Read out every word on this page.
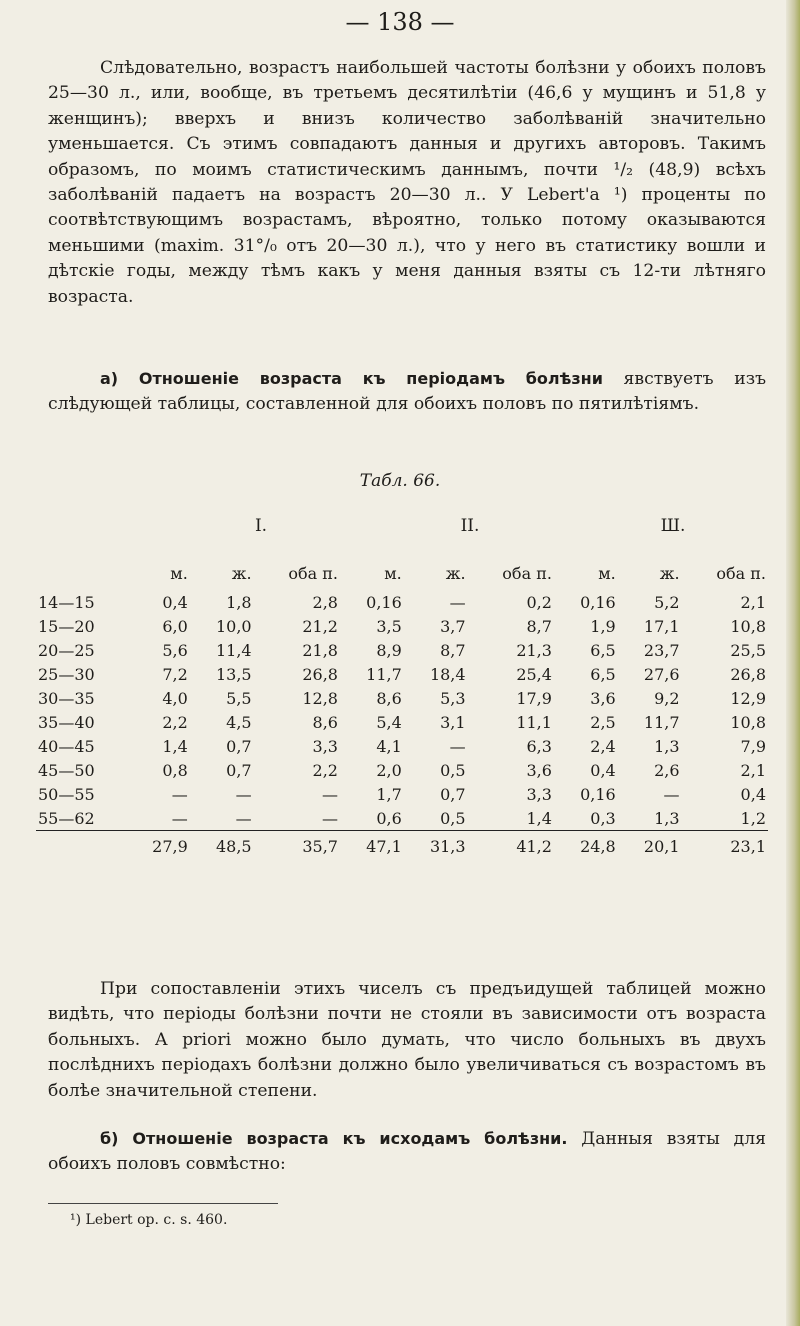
— 138 —

Слѣдовательно, возрастъ наибольшей частоты болѣзни у обоихъ половъ 25—30 л., или, вообще, въ третьемъ десятилѣтіи (46,6 у мущинъ и 51,8 у женщинъ); вверхъ и внизъ количество заболѣваній значительно уменьшается. Съ этимъ совпадаютъ данныя и другихъ авторовъ. Такимъ образомъ, по моимъ статистическимъ даннымъ, почти ¹/₂ (48,9) всѣхъ заболѣваній падаетъ на возрастъ 20—30 л.. У Lebert'а ¹) проценты по соотвѣтствующимъ возрастамъ, вѣроятно, только потому оказываются меньшими (maxim. 31°/₀ отъ 20—30 л.), что у него въ статистику вошли и дѣтскіе годы, между тѣмъ какъ у меня данныя взяты съ 12-ти лѣтняго возраста.

a) Отношеніе возраста къ періодамъ болѣзни явствуетъ изъ слѣдующей таблицы, составленной для обоихъ половъ по пятилѣтіямъ.

Табл. 66.
I.	II.	Ш.
	м.	ж.	оба п.	м.	ж.	оба п.	м.	ж.	оба п.
14—15	0,4	1,8	2,8	0,16	—	0,2	0,16	5,2	2,1
15—20	6,0	10,0	21,2	3,5	3,7	8,7	1,9	17,1	10,8
20—25	5,6	11,4	21,8	8,9	8,7	21,3	6,5	23,7	25,5
25—30	7,2	13,5	26,8	11,7	18,4	25,4	6,5	27,6	26,8
30—35	4,0	5,5	12,8	8,6	5,3	17,9	3,6	9,2	12,9
35—40	2,2	4,5	8,6	5,4	3,1	11,1	2,5	11,7	10,8
40—45	1,4	0,7	3,3	4,1	—	6,3	2,4	1,3	7,9
45—50	0,8	0,7	2,2	2,0	0,5	3,6	0,4	2,6	2,1
50—55	—	—	—	1,7	0,7	3,3	0,16	—	0,4
55—62	—	—	—	0,6	0,5	1,4	0,3	1,3	1,2
	27,9	48,5	35,7	47,1	31,3	41,2	24,8	20,1	23,1

При сопоставленіи этихъ чиселъ съ предъидущей таблицей можно видѣть, что періоды болѣзни почти не стояли въ зависимости отъ возраста больныхъ. А priori можно было думать, что число больныхъ въ двухъ послѣднихъ періодахъ болѣзни должно было увеличиваться съ возрастомъ въ болѣе значительной степени.

б) Отношеніе возраста къ исходамъ болѣзни. Данныя взяты для обоихъ половъ совмѣстно:

¹) Lebert op. c. s. 460.
